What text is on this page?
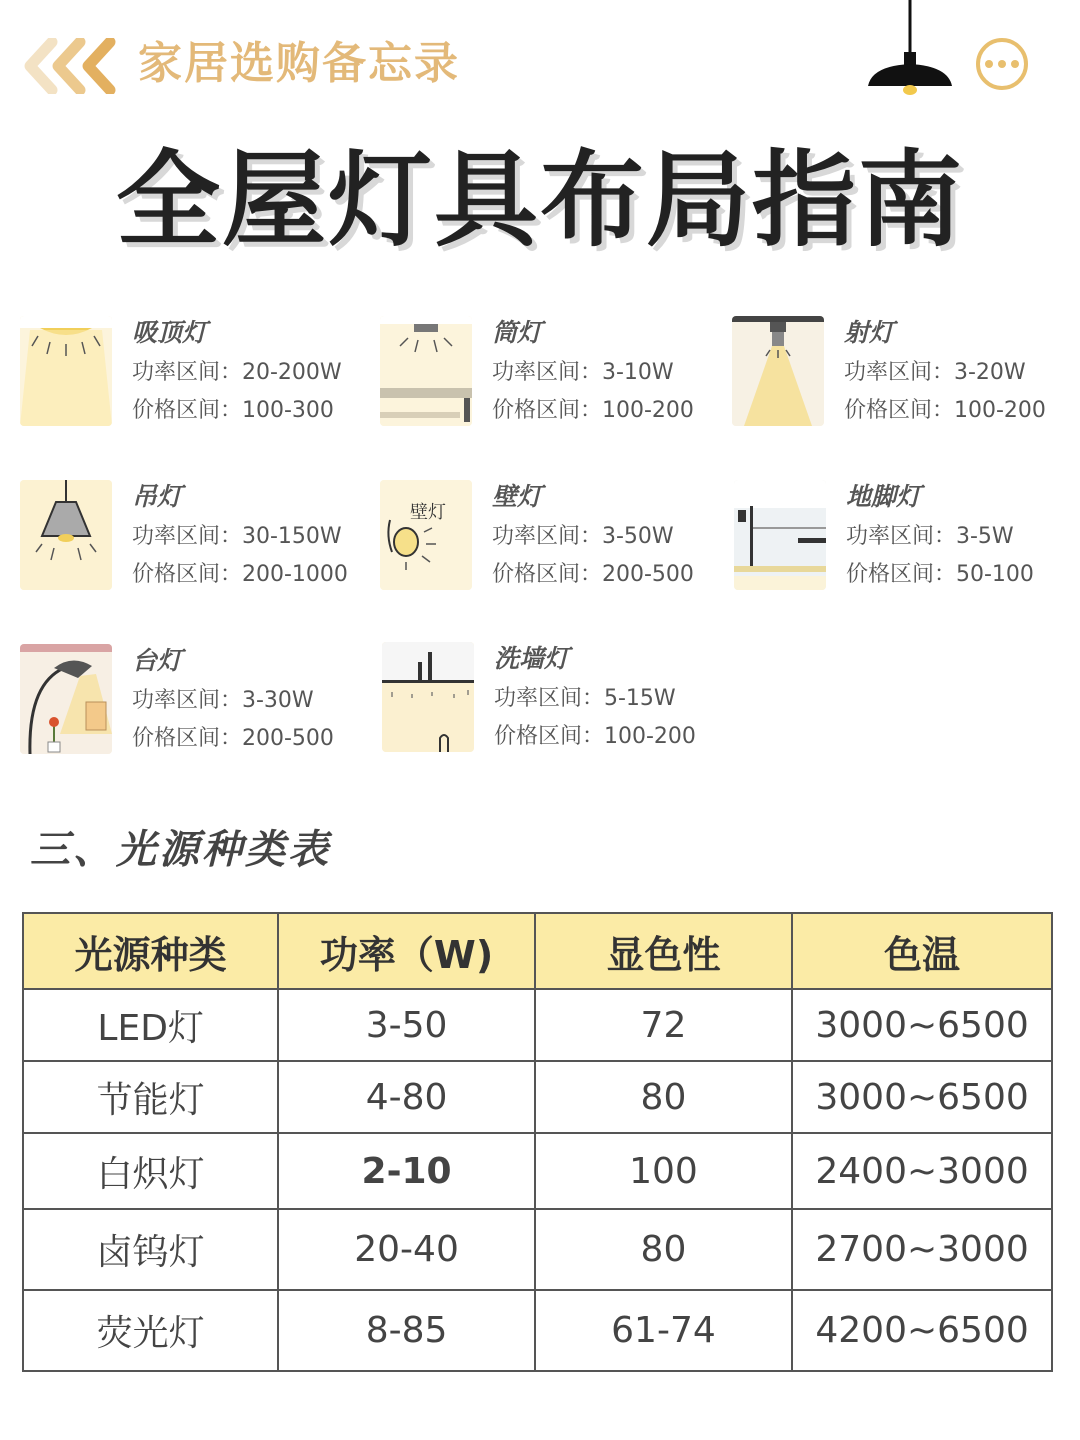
家居选购备忘录
全屋灯具布局指南
吸顶灯
功率区间：20-200W
价格区间：100-300
筒灯
功率区间：3-10W
价格区间：100-200
射灯
功率区间：3-20W
价格区间：100-200
吊灯
功率区间：30-150W
价格区间：200-1000
壁灯
壁灯
功率区间：3-50W
价格区间：200-500
地脚灯
功率区间：3-5W
价格区间：50-100
台灯
功率区间：3-30W
价格区间：200-500
洗墙灯
功率区间：5-15W
价格区间：100-200
三、光源种类表
光源种类	功率（W)	显色性	色温
LED灯	3-50	72	3000~6500
节能灯	4-80	80	3000~6500
白炽灯	2-10	100	2400~3000
卤钨灯	20-40	80	2700~3000
荧光灯	8-85	61-74	4200~6500
